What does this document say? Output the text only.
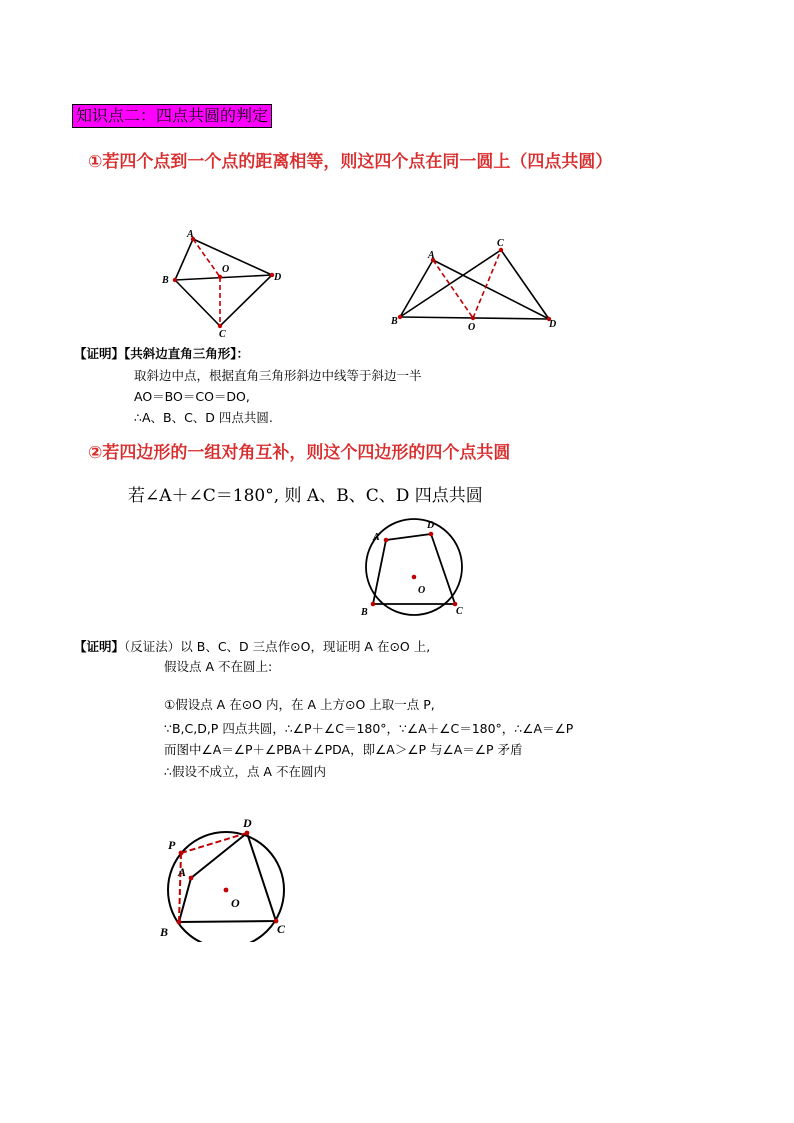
知识点二：四点共圆的判定
①若四个点到一个点的距离相等，则这四个点在同一圆上（四点共圆）
A
B
C
D
O
A
B
C
D
O
【证明】【共斜边直角三角形】：
取斜边中点，根据直角三角形斜边中线等于斜边一半
AO＝BO＝CO＝DO,
∴A、B、C、D 四点共圆.
②若四边形的一组对角互补，则这个四边形的四个点共圆
若∠A＋∠C＝180°, 则 A、B、C、D 四点共圆
A
D
C
B
O
【证明】（反证法）以 B、C、D 三点作⊙O，现证明 A 在⊙O 上,
假设点 A 不在圆上:
①假设点 A 在⊙O 内，在 A 上方⊙O 上取一点 P,
∵B,C,D,P 四点共圆，∴∠P＋∠C＝180°，∵∠A＋∠C＝180°，∴∠A＝∠P
而图中∠A＝∠P＋∠PBA＋∠PDA，即∠A＞∠P 与∠A＝∠P 矛盾
∴假设不成立，点 A 不在圆内
P
D
A
O
B	C
